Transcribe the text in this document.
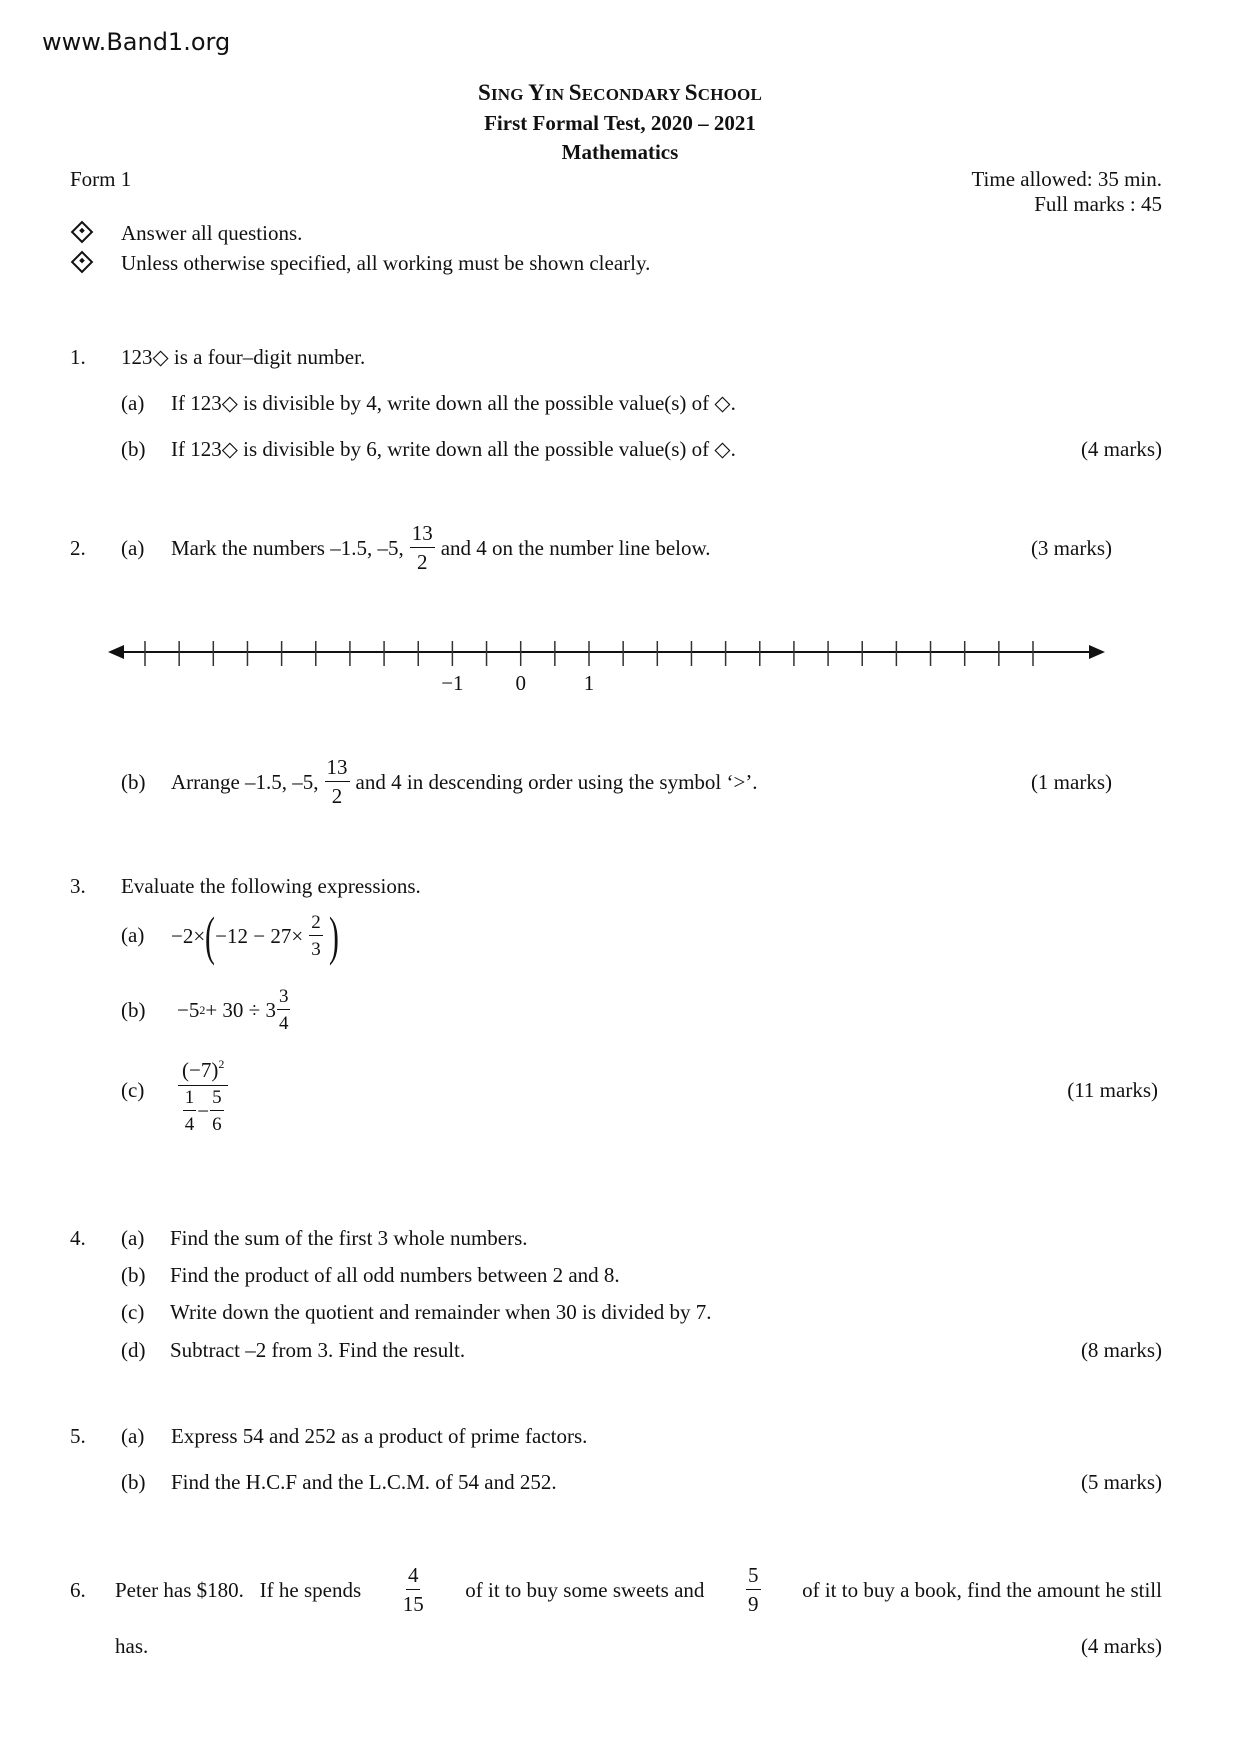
www.Band1.org
SING YIN SECONDARY SCHOOL
First Formal Test, 2020 – 2021
Mathematics
Form 1	Time allowed: 35 min.
Full marks : 45
Answer all questions.
Unless otherwise specified, all working must be shown clearly.
1. 123◇ is a four–digit number.
(a) If 123◇ is divisible by 4, write down all the possible value(s) of ◇.
(b) If 123◇ is divisible by 6, write down all the possible value(s) of ◇.	(4 marks)
2. (a) Mark the numbers –1.5, –5, $\frac{13}{2}$ and 4 on the number line below.	(3 marks)
−1 0	1
(b) Arrange –1.5, –5, $\frac{13}{2}$ and 4 in descending order using the symbol ‘>’.	(1 marks)
3. Evaluate the following expressions.
(a) −2× ( $-12 - 27\times \frac{2}{3}$ )
(b) −5 $2 + 30 \div 3 \frac{3}{4}$
$(c) \frac{(-7)^2}{\frac{1}{4} - \frac{5}{6}}$	(11 marks)
4. (a) Find the sum of the first 3 whole numbers.
(b) Find the product of all odd numbers between 2 and 8.
(c) Write down the quotient and remainder when 30 is divided by 7.
(d) Subtract –2 from 3. Find the result.	(8 marks)
5. (a) Express 54 and 252 as a product of prime factors.
(b) Find the H.C.F and the L.C.M. of 54 and 252.	(5 marks)
6. Peter has $180.   If he spends $\frac{4}{15}$ of it to buy some sweets and $\frac{5}{9}$ of it to buy a book, find the amount he still
has.	(4 marks)
